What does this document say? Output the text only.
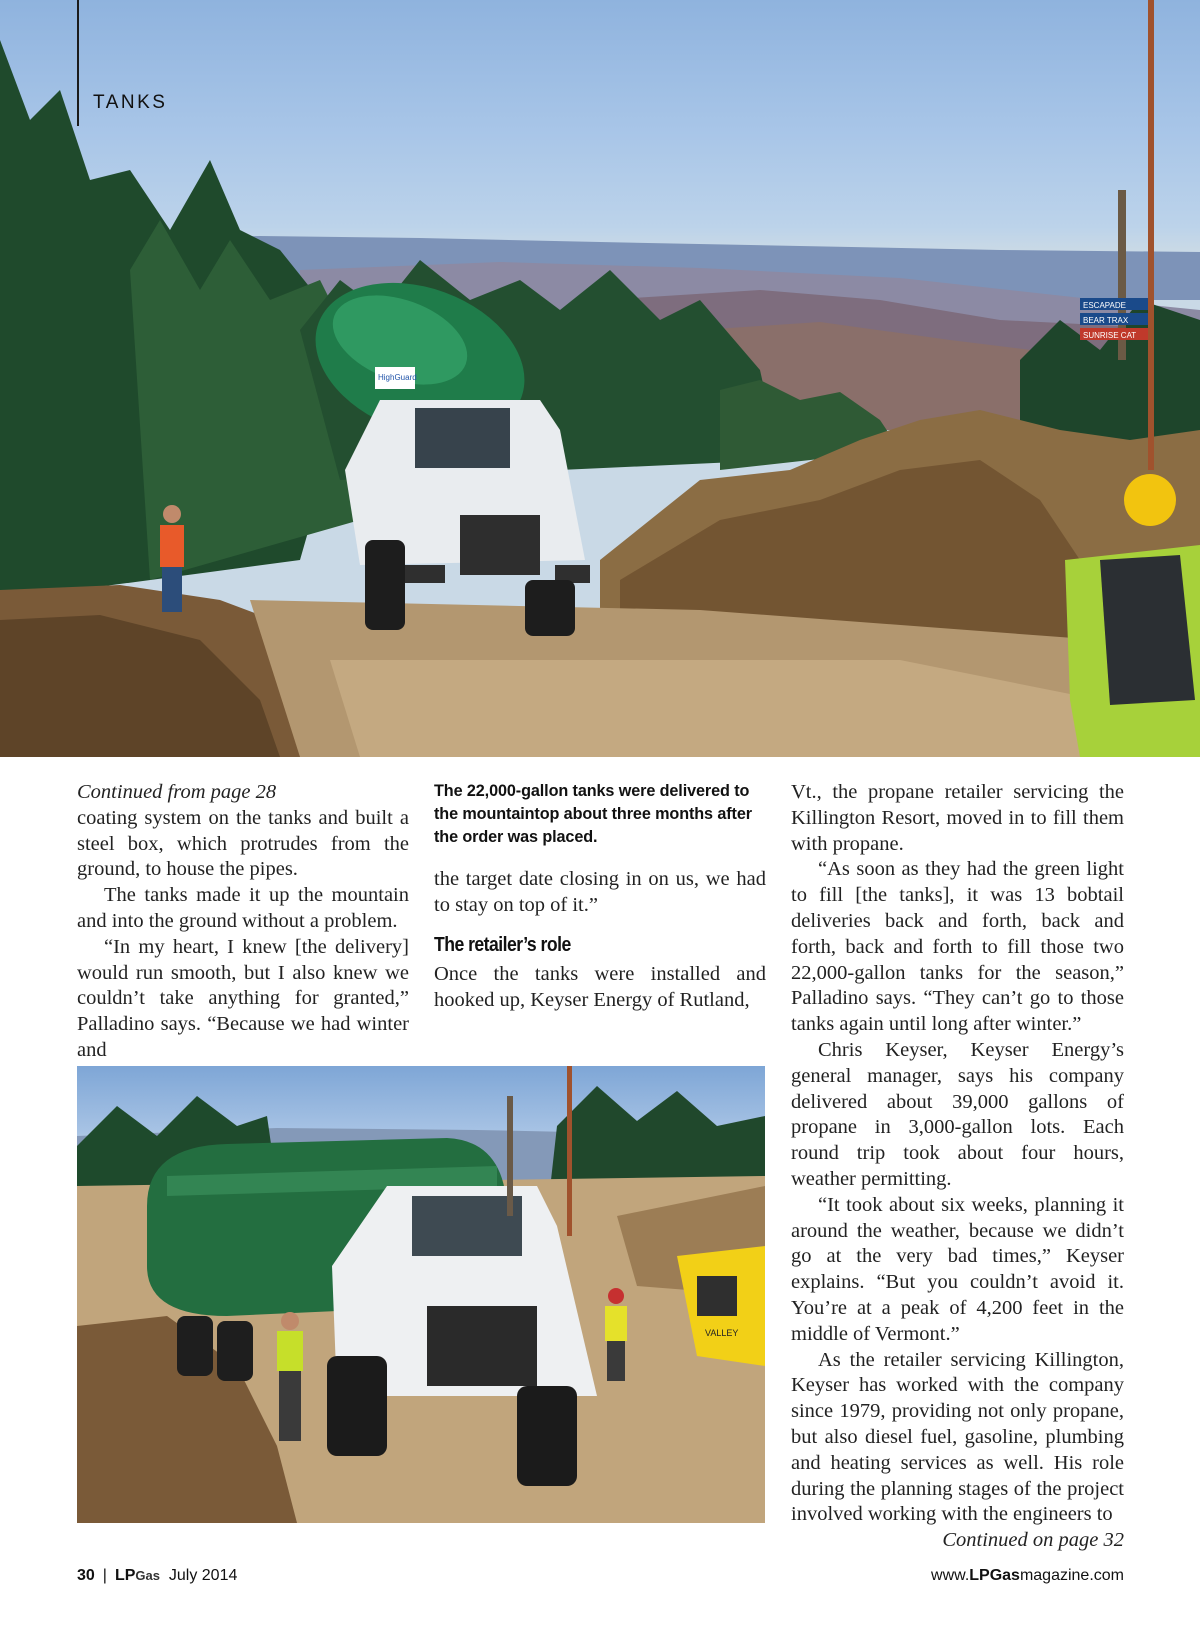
HighGuard
ESCAPADE
BEAR TRAX
SUNRISE CAT
TANKS
Continued from page 28

coating system on the tanks and built a steel box, which protrudes from the ground, to house the pipes.

The tanks made it up the mountain and into the ground without a problem.

“In my heart, I knew [the delivery] would run smooth, but I also knew we couldn’t take anything for granted,” Palladino says. “Because we had winter and

The 22,000-gallon tanks were delivered to the mountaintop about three months after the order was placed.

the target date closing in on us, we had to stay on top of it.”

The retailer’s role

Once the tanks were installed and hooked up, Keyser Energy of Rutland,

Vt., the propane retailer servicing the Killington Resort, moved in to fill them with propane.

“As soon as they had the green light to fill [the tanks], it was 13 bobtail deliveries back and forth, back and forth, back and forth to fill those two 22,000-gallon tanks for the season,” Palladino says. “They can’t go to those tanks again until long after winter.”

Chris Keyser, Keyser Energy’s general manager, says his company delivered about 39,000 gallons of propane in 3,000-gallon lots. Each round trip took about four hours, weather permitting.

“It took about six weeks, planning it around the weather, because we didn’t go at the very bad times,” Keyser explains. “But you couldn’t avoid it. You’re at a peak of 4,200 feet in the middle of Vermont.”

As the retailer servicing Killington, Keyser has worked with the company since 1979, providing not only propane, but also diesel fuel, gasoline, plumbing and heating services as well. His role during the planning stages of the project involved working with the engineers to

Continued on page 32
VALLEY
30 | LPGas July 2014	www.LPGasmagazine.com
